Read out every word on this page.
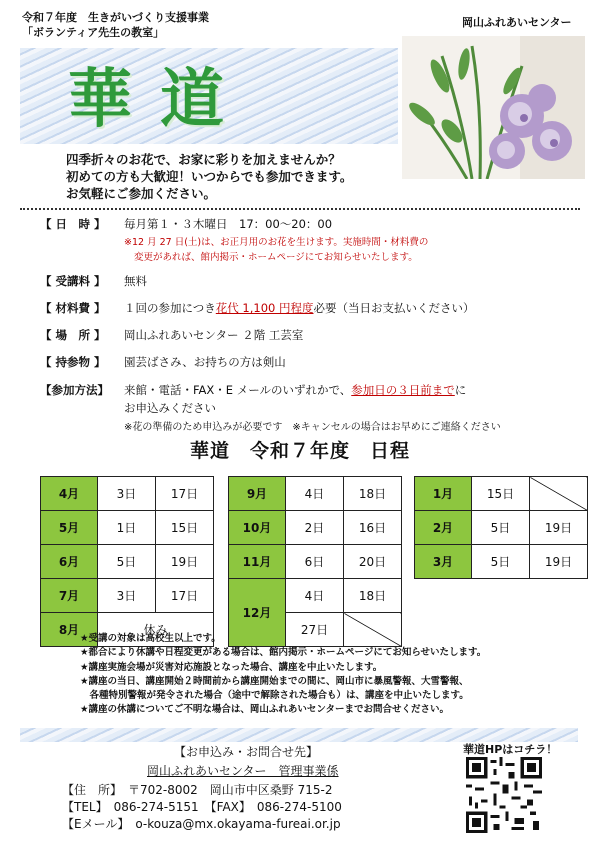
令和７年度　生きがいづくり支援事業
「ボランティア先生の教室」
岡山ふれあいセンター
華道
四季折々のお花で、お家に彩りを加えませんか？
初めての方も大歓迎！いつからでも参加できます。
お気軽にご参加ください。
【 日　時 】 毎月第１・３木曜日　17：00～20：00
※12 月 27 日(土)は、お正月用のお花を生けます。実施時間・材料費の
変更があれば、館内掲示・ホームページにてお知らせいたします。
【 受講料 】 無料
【 材料費 】 １回の参加につき花代 1,100 円程度必要（当日お支払いください）
【 場　所 】 岡山ふれあいセンター ２階 工芸室
【 持参物 】 園芸ばさみ、お持ちの方は剣山
【参加方法】 来館・電話・FAX・E メールのいずれかで、参加日の３日前までに
お申込みください
※花の準備のため申込みが必要です　※キャンセルの場合はお早めにご連絡ください
華道　令和７年度　日程
4月	3日	17日
5月	1日	15日
6月	5日	19日
7月	3日	17日
8月	休み	
9月	4日	18日
10月	2日	16日
11月	6日	20日
12月	4日	18日
	27日	
1月	15日	
2月	5日	19日
3月	5日	19日
★受講の対象は高校生以上です。
★都合により休講や日程変更がある場合は、館内掲示・ホームページにてお知らせいたします。
★講座実施会場が災害対応施設となった場合、講座を中止いたします。
★講座の当日、講座開始２時間前から講座開始までの間に、岡山市に暴風警報、大雪警報、
　各種特別警報が発令された場合（途中で解除された場合も）は、講座を中止いたします。
★講座の休講についてご不明な場合は、岡山ふれあいセンターまでお問合せください。
【お申込み・お問合せ先】
岡山ふれあいセンター　管理事業係
【住　所】　 〒702-8002　岡山市中区桑野 715-2
【TEL】　 086-274-5151　 【FAX】　 086-274-5100
【Eメール】　 o-kouza@mx.okayama-fureai.or.jp
華道HPはコチラ！
